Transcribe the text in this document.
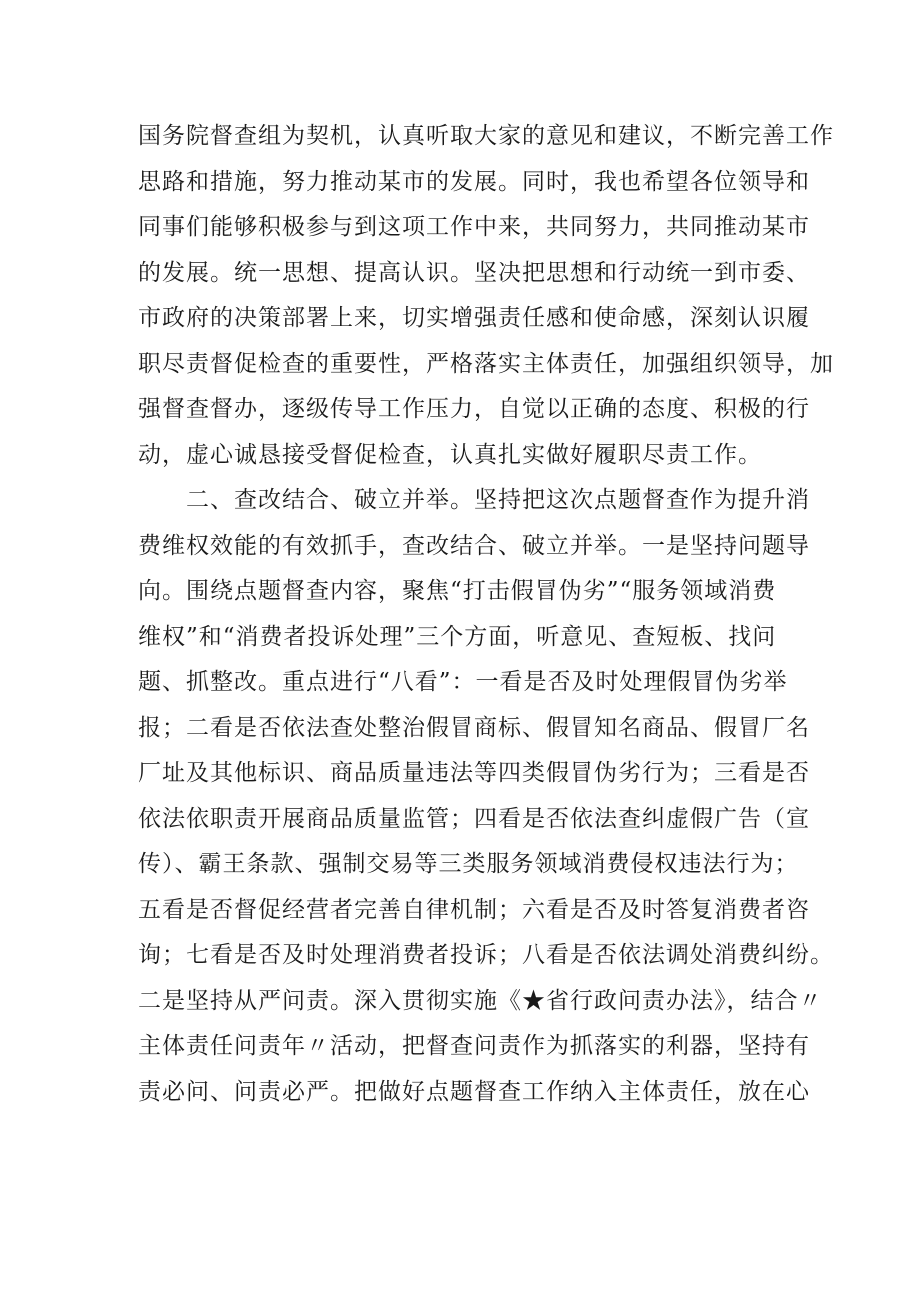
国务院督查组为契机，认真听取大家的意见和建议，不断完善工作
思路和措施，努力推动某市的发展。同时，我也希望各位领导和
同事们能够积极参与到这项工作中来，共同努力，共同推动某市
的发展。统一思想、提高认识。坚决把思想和行动统一到市委、
市政府的决策部署上来，切实增强责任感和使命感，深刻认识履
职尽责督促检查的重要性，严格落实主体责任，加强组织领导，加
强督查督办，逐级传导工作压力，自觉以正确的态度、积极的行
动，虚心诚恳接受督促检查，认真扎实做好履职尽责工作。
　　二、查改结合、破立并举。坚持把这次点题督查作为提升消
费维权效能的有效抓手，查改结合、破立并举。一是坚持问题导
向。围绕点题督查内容，聚焦“打击假冒伪劣”“服务领域消费
维权”和“消费者投诉处理”三个方面，听意见、查短板、找问
题、抓整改。重点进行“八看”：一看是否及时处理假冒伪劣举
报；二看是否依法查处整治假冒商标、假冒知名商品、假冒厂名
厂址及其他标识、商品质量违法等四类假冒伪劣行为；三看是否
依法依职责开展商品质量监管；四看是否依法查纠虚假广告（宣
传）、霸王条款、强制交易等三类服务领域消费侵权违法行为；
五看是否督促经营者完善自律机制；六看是否及时答复消费者咨
询；七看是否及时处理消费者投诉；八看是否依法调处消费纠纷。
二是坚持从严问责。深入贯彻实施《★省行政问责办法》，结合〃
主体责任问责年〃活动，把督查问责作为抓落实的利器，坚持有
责必问、问责必严。把做好点题督查工作纳入主体责任，放在心
